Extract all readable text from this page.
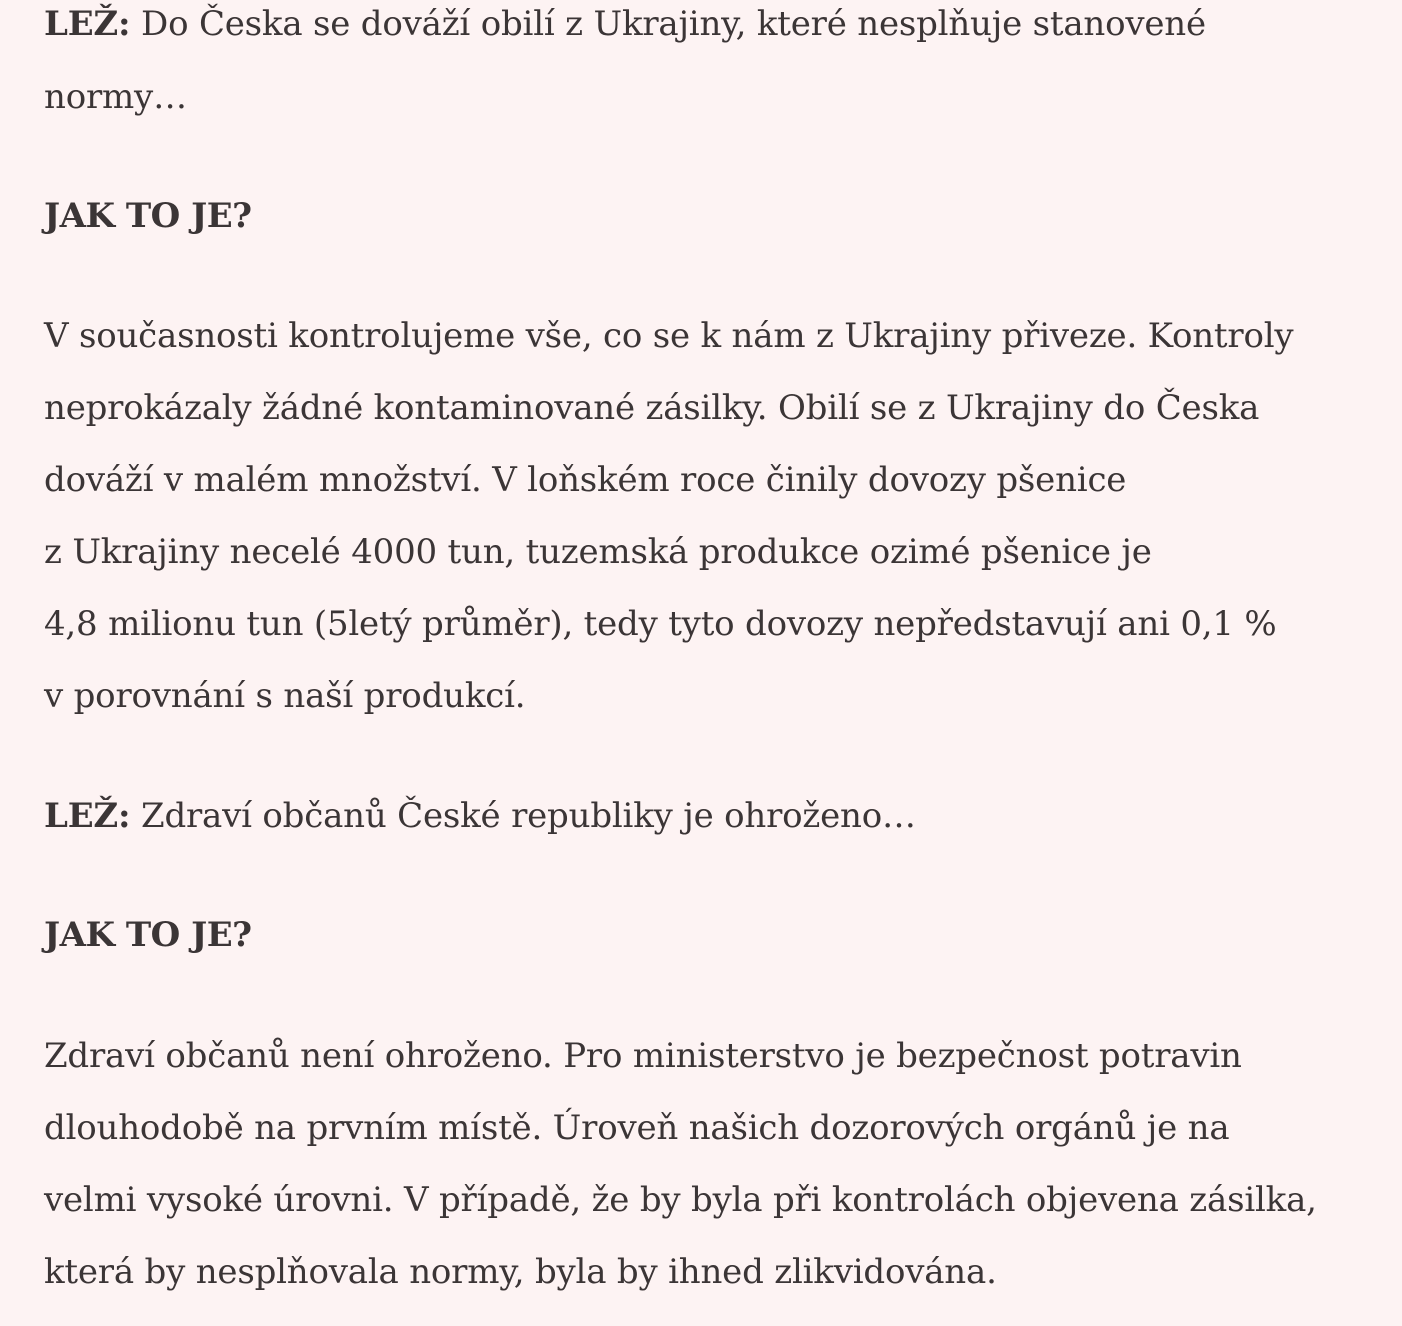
LEŽ: Do Česka se dováží obilí z Ukrajiny, které nesplňuje stanovené
normy…
JAK TO JE?
V současnosti kontrolujeme vše, co se k nám z Ukrajiny přiveze. Kontroly
neprokázaly žádné kontaminované zásilky. Obilí se z Ukrajiny do Česka
dováží v malém množství. V loňském roce činily dovozy pšenice
z Ukrajiny necelé 4000 tun, tuzemská produkce ozimé pšenice je
4,8 milionu tun (5letý průměr), tedy tyto dovozy nepředstavují ani 0,1 %
v porovnání s naší produkcí.
LEŽ: Zdraví občanů České republiky je ohroženo…
JAK TO JE?
Zdraví občanů není ohroženo. Pro ministerstvo je bezpečnost potravin
dlouhodobě na prvním místě. Úroveň našich dozorových orgánů je na
velmi vysoké úrovni. V případě, že by byla při kontrolách objevena zásilka,
která by nesplňovala normy, byla by ihned zlikvidována.
